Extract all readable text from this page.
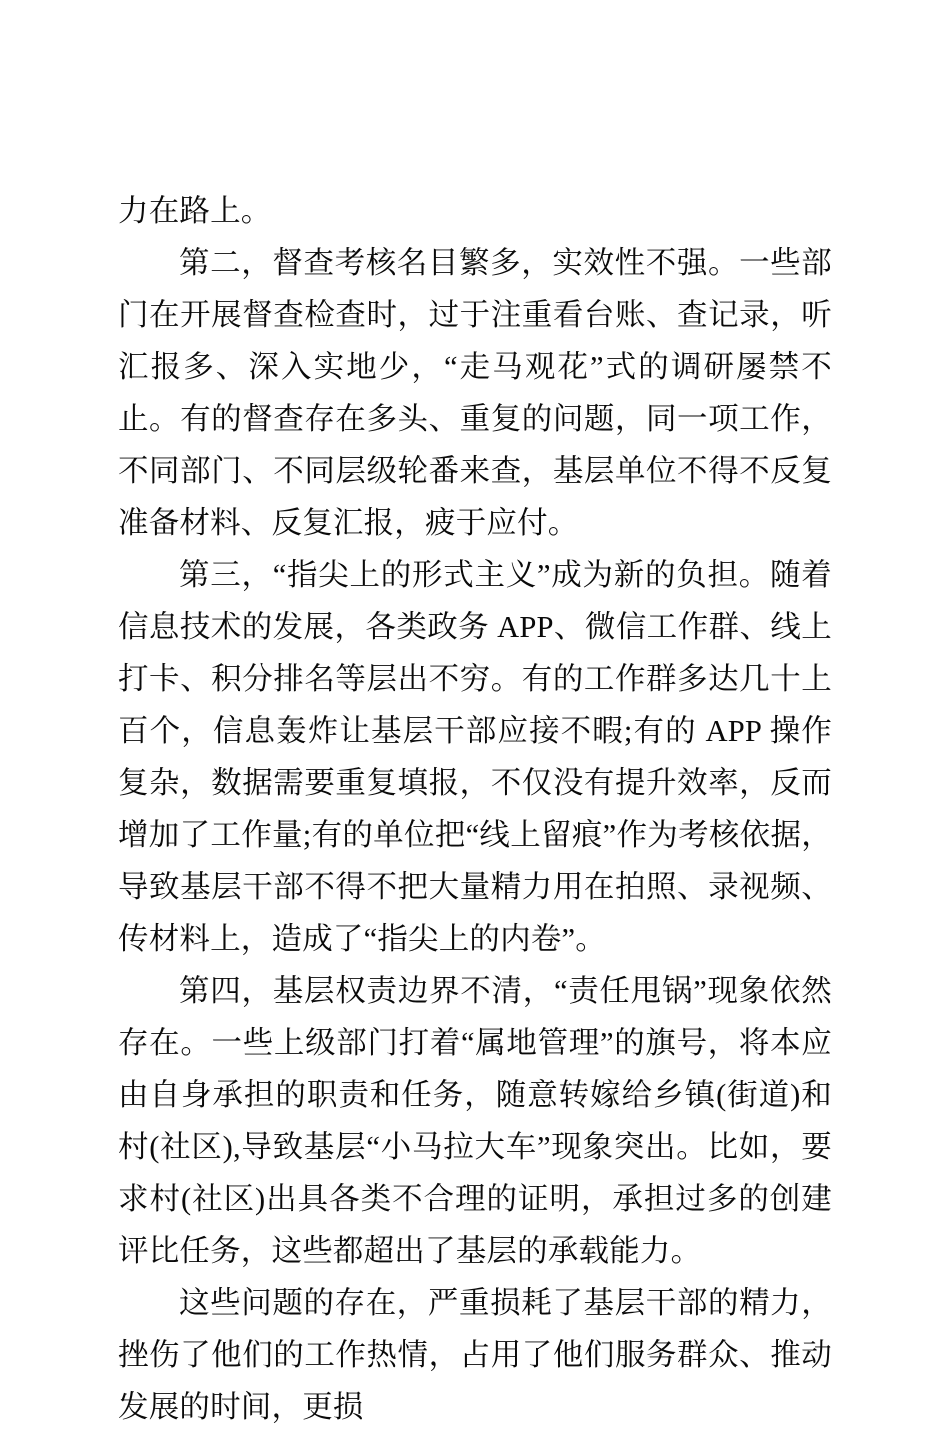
力在路上。

第二，督查考核名目繁多，实效性不强。一些部门在开展督查检查时，过于注重看台账、查记录，听汇报多、深入实地少，“走马观花”式的调研屡禁不止。有的督查存在多头、重复的问题，同一项工作，不同部门、不同层级轮番来查，基层单位不得不反复准备材料、反复汇报，疲于应付。

第三，“指尖上的形式主义”成为新的负担。随着信息技术的发展，各类政务 APP、微信工作群、线上打卡、积分排名等层出不穷。有的工作群多达几十上百个，信息轰炸让基层干部应接不暇;有的 APP 操作复杂，数据需要重复填报，不仅没有提升效率，反而增加了工作量;有的单位把“线上留痕”作为考核依据，导致基层干部不得不把大量精力用在拍照、录视频、传材料上，造成了“指尖上的内卷”。

第四，基层权责边界不清，“责任甩锅”现象依然存在。一些上级部门打着“属地管理”的旗号，将本应由自身承担的职责和任务，随意转嫁给乡镇(街道)和村(社区),导致基层“小马拉大车”现象突出。比如，要求村(社区)出具各类不合理的证明，承担过多的创建评比任务，这些都超出了基层的承载能力。

这些问题的存在，严重损耗了基层干部的精力，挫伤了他们的工作热情，占用了他们服务群众、推动发展的时间，更损
